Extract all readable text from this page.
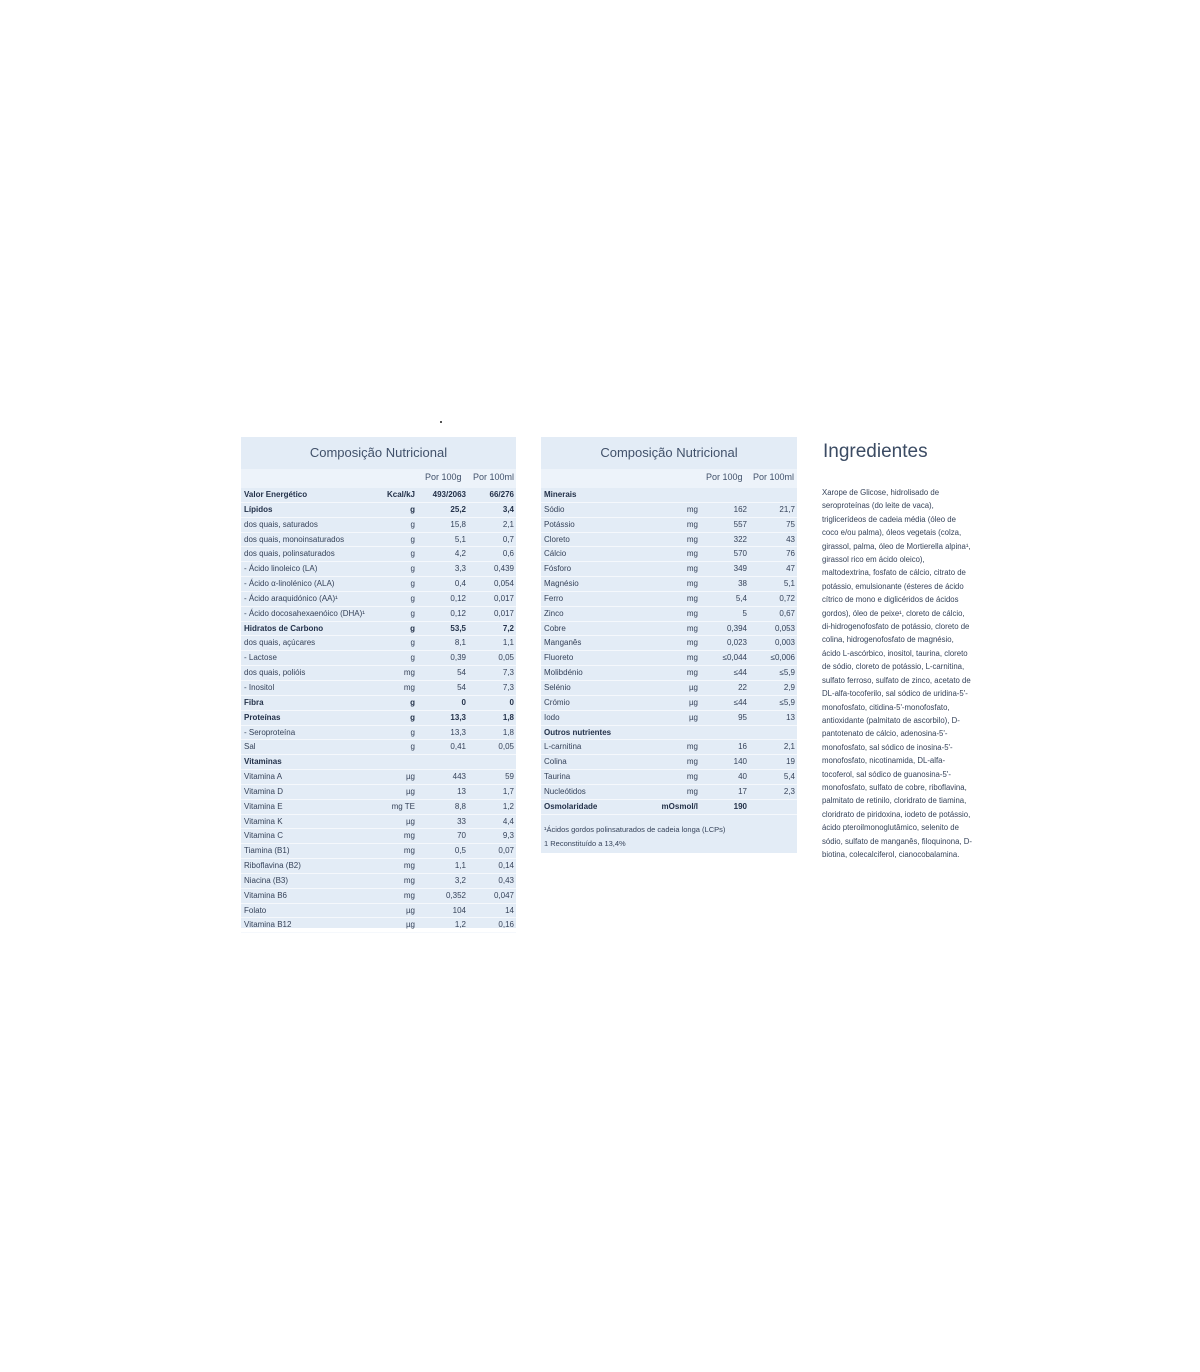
Composição Nutricional
Por 100g Por 100ml
Valor Energético	Kcal/kJ	493/2063	66/276
Lípidos	g	25,2	3,4
dos quais, saturados	g	15,8	2,1
dos quais, monoinsaturados	g	5,1	0,7
dos quais, polinsaturados	g	4,2	0,6
- Ácido linoleico (LA)	g	3,3	0,439
- Ácido α-linolénico (ALA)	g	0,4	0,054
- Ácido araquidónico (AA)¹	g	0,12	0,017
- Ácido docosahexaenóico (DHA)¹	g	0,12	0,017
Hidratos de Carbono	g	53,5	7,2
dos quais, açúcares	g	8,1	1,1
- Lactose	g	0,39	0,05
dos quais, polióis	mg	54	7,3
- Inositol	mg	54	7,3
Fibra	g	0	0
Proteínas	g	13,3	1,8
- Seroproteína	g	13,3	1,8
Sal	g	0,41	0,05
Vitaminas
Vitamina A	µg	443	59
Vitamina D	µg	13	1,7
Vitamina E	mg TE	8,8	1,2
Vitamina K	µg	33	4,4
Vitamina C	mg	70	9,3
Tiamina (B1)	mg	0,5	0,07
Riboflavina (B2)	mg	1,1	0,14
Niacina (B3)	mg	3,2	0,43
Vitamina B6	mg	0,352	0,047
Folato	µg	104	14
Vitamina B12	µg	1,2	0,16
Composição Nutricional
Por 100g Por 100ml
Minerais
Sódio	mg	162	21,7
Potássio	mg	557	75
Cloreto	mg	322	43
Cálcio	mg	570	76
Fósforo	mg	349	47
Magnésio	mg	38	5,1
Ferro	mg	5,4	0,72
Zinco	mg	5	0,67
Cobre	mg	0,394	0,053
Manganês	mg	0,023	0,003
Fluoreto	mg	≤0,044	≤0,006
Molibdénio	mg	≤44	≤5,9
Selénio	µg	22	2,9
Crómio	µg	≤44	≤5,9
Iodo	µg	95	13
Outros nutrientes
L-carnitina	mg	16	2,1
Colina	mg	140	19
Taurina	mg	40	5,4
Nucleótidos	mg	17	2,3
Osmolaridade	mOsmol/l	190
¹Ácidos gordos polinsaturados de cadeia longa (LCPs)
1 Reconstituído a 13,4%
Ingredientes
Xarope de Glicose, hidrolisado de seroproteínas (do leite de vaca), triglicerídeos de cadeia média (óleo de coco e/ou palma), óleos vegetais (colza, girassol, palma, óleo de Mortierella alpina¹, girassol rico em ácido oleico), maltodextrina, fosfato de cálcio, citrato de potássio, emulsionante (ésteres de ácido cítrico de mono e diglicéridos de ácidos gordos), óleo de peixe¹, cloreto de cálcio, di-hidrogenofosfato de potássio, cloreto de colina, hidrogenofosfato de magnésio, ácido L-ascórbico, inositol, taurina, cloreto de sódio, cloreto de potássio, L-carnitina, sulfato ferroso, sulfato de zinco, acetato de DL-alfa-tocoferilo, sal sódico de uridina-5'-monofosfato, citidina-5'-monofosfato, antioxidante (palmitato de ascorbilo), D-pantotenato de cálcio, adenosina-5'-monofosfato, sal sódico de inosina-5'-monofosfato, nicotinamida, DL-alfa-tocoferol, sal sódico de guanosina-5'-monofosfato, sulfato de cobre, riboflavina, palmitato de retinilo, cloridrato de tiamina, cloridrato de piridoxina, iodeto de potássio, ácido pteroilmonoglutâmico, selenito de sódio, sulfato de manganês, filoquinona, D-biotina, colecalciferol, cianocobalamina.
